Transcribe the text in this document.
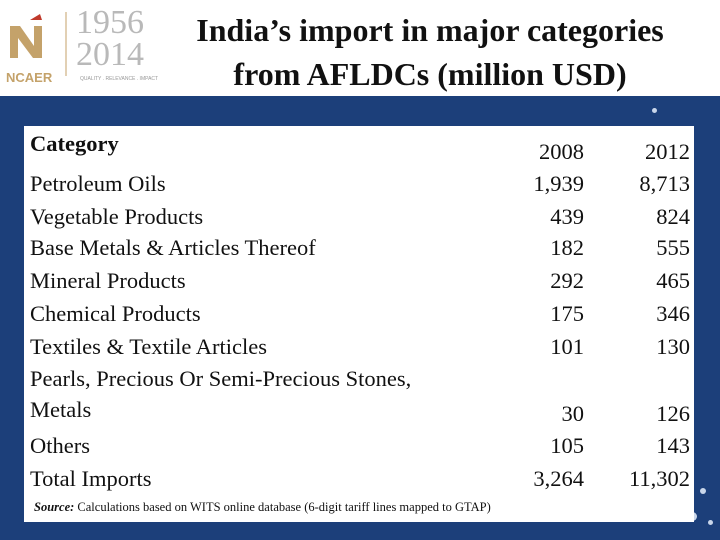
1956
2014
NCAER	QUALITY . RELEVANCE . IMPACT
India’s import in major categories
from AFLDCs (million USD)
Category	2008	2012
Petroleum Oils	1,939	8,713
Vegetable Products	439	824
Base Metals & Articles Thereof	182	555
Mineral Products	292	465
Chemical Products	175	346
Textiles & Textile Articles	101	130
Pearls, Precious Or Semi-Precious Stones,
Metals	30	126
Others	105	143
Total Imports	3,264	11,302
Source: Calculations based on WITS online database (6-digit tariff lines mapped to GTAP)
